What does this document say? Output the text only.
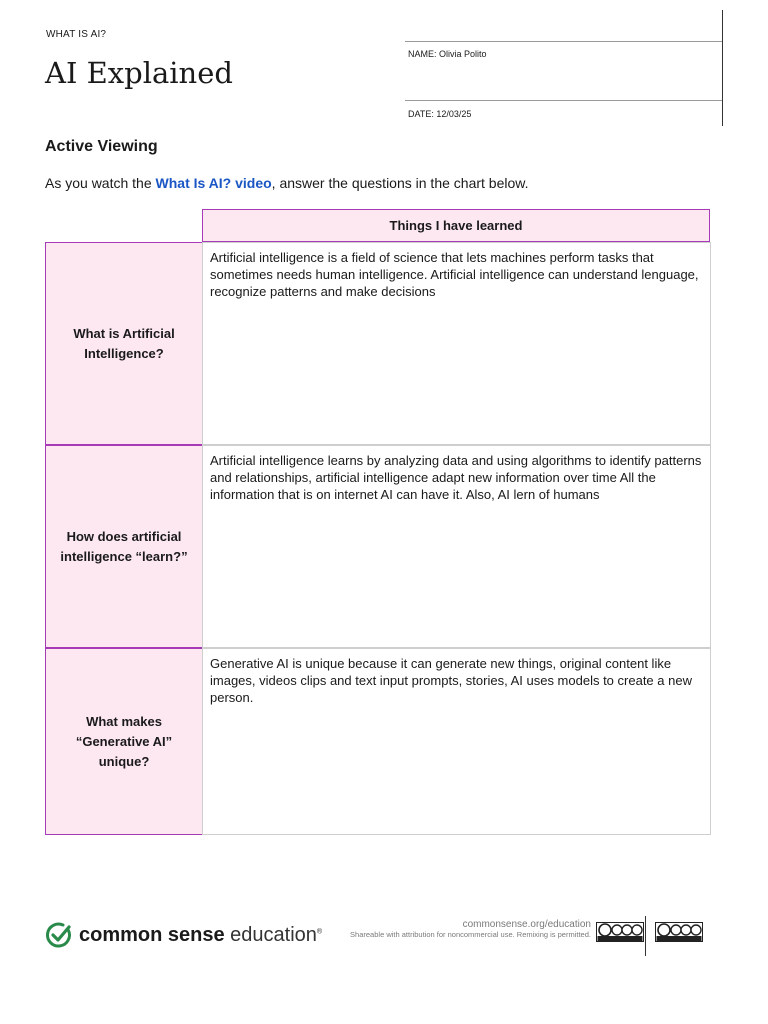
WHAT IS AI?
AI Explained
NAME: Olivia Polito
DATE: 12/03/25
Active Viewing
As you watch the What Is AI? video, answer the questions in the chart below.
Things I have learned
What is Artificial Intelligence?
Artificial intelligence is a field of science that lets machines perform tasks that sometimes needs human intelligence. Artificial intelligence can understand lenguage, recognize patterns and make decisions
How does artificial intelligence “learn?”
Artificial intelligence learns by analyzing data and using algorithms to identify patterns and relationships, artificial intelligence adapt new information over time All the information that is on internet AI can have it. Also, AI lern of humans
What makes “Generative AI” unique?
Generative AI is unique because it can generate new things, original content like images, videos clips and text input prompts, stories, AI uses models to create a new person.
common sense education®
commonsense.org/education
Shareable with attribution for noncommercial use. Remixing is permitted.
